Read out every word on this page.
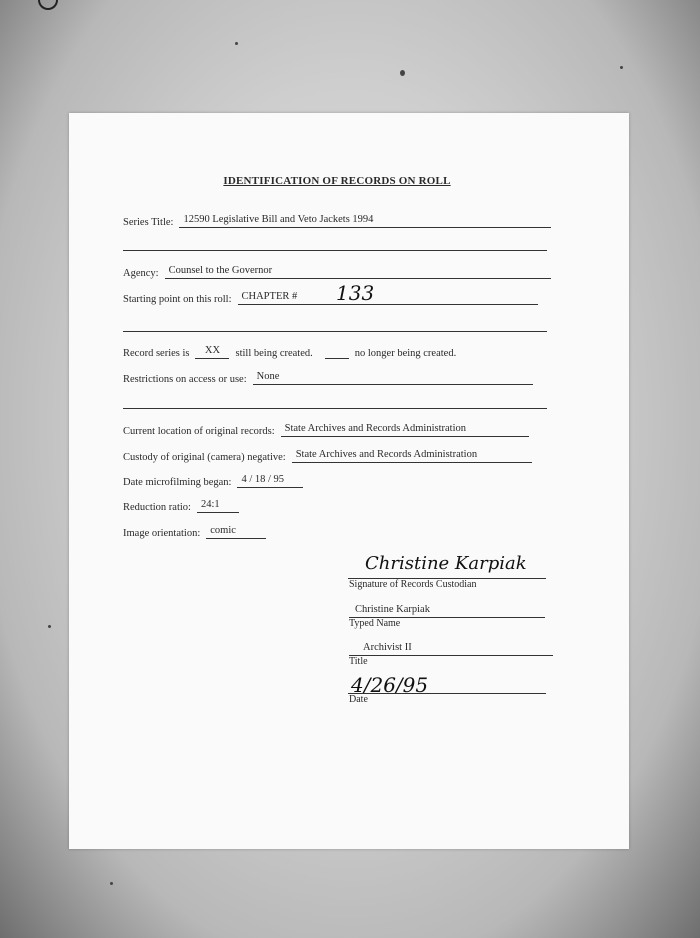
IDENTIFICATION OF RECORDS ON ROLL
Series Title: 12590 Legislative Bill and Veto Jackets 1994
Agency: Counsel to the Governor
Starting point on this roll: CHAPTER #	133
Record series is	XX	still being created.	no longer being created.
Restrictions on access or use: None
Current location of original records: State Archives and Records Administration
Custody of original (camera) negative: State Archives and Records Administration
Date microfilming began: 4 / 18 / 95
Reduction ratio: 24:1
Image orientation: comic
Christine Karpiak
Signature of Records Custodian
Christine Karpiak
Typed Name
Archivist II
Title
4/26/95
Date
